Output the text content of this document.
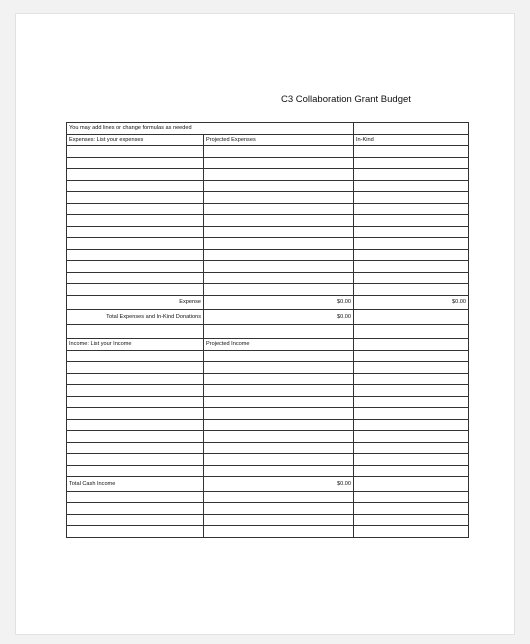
C3 Collaboration Grant Budget
You may add lines or change formulas as needed		
Expenses: List your expenses	Projected Expenses	In-Kind

Expense	$0.00	$0.00
Total Expenses and In-Kind Donations	$0.00	

Income: List your Income	Projected Income	

Total Cash Income	$0.00	
